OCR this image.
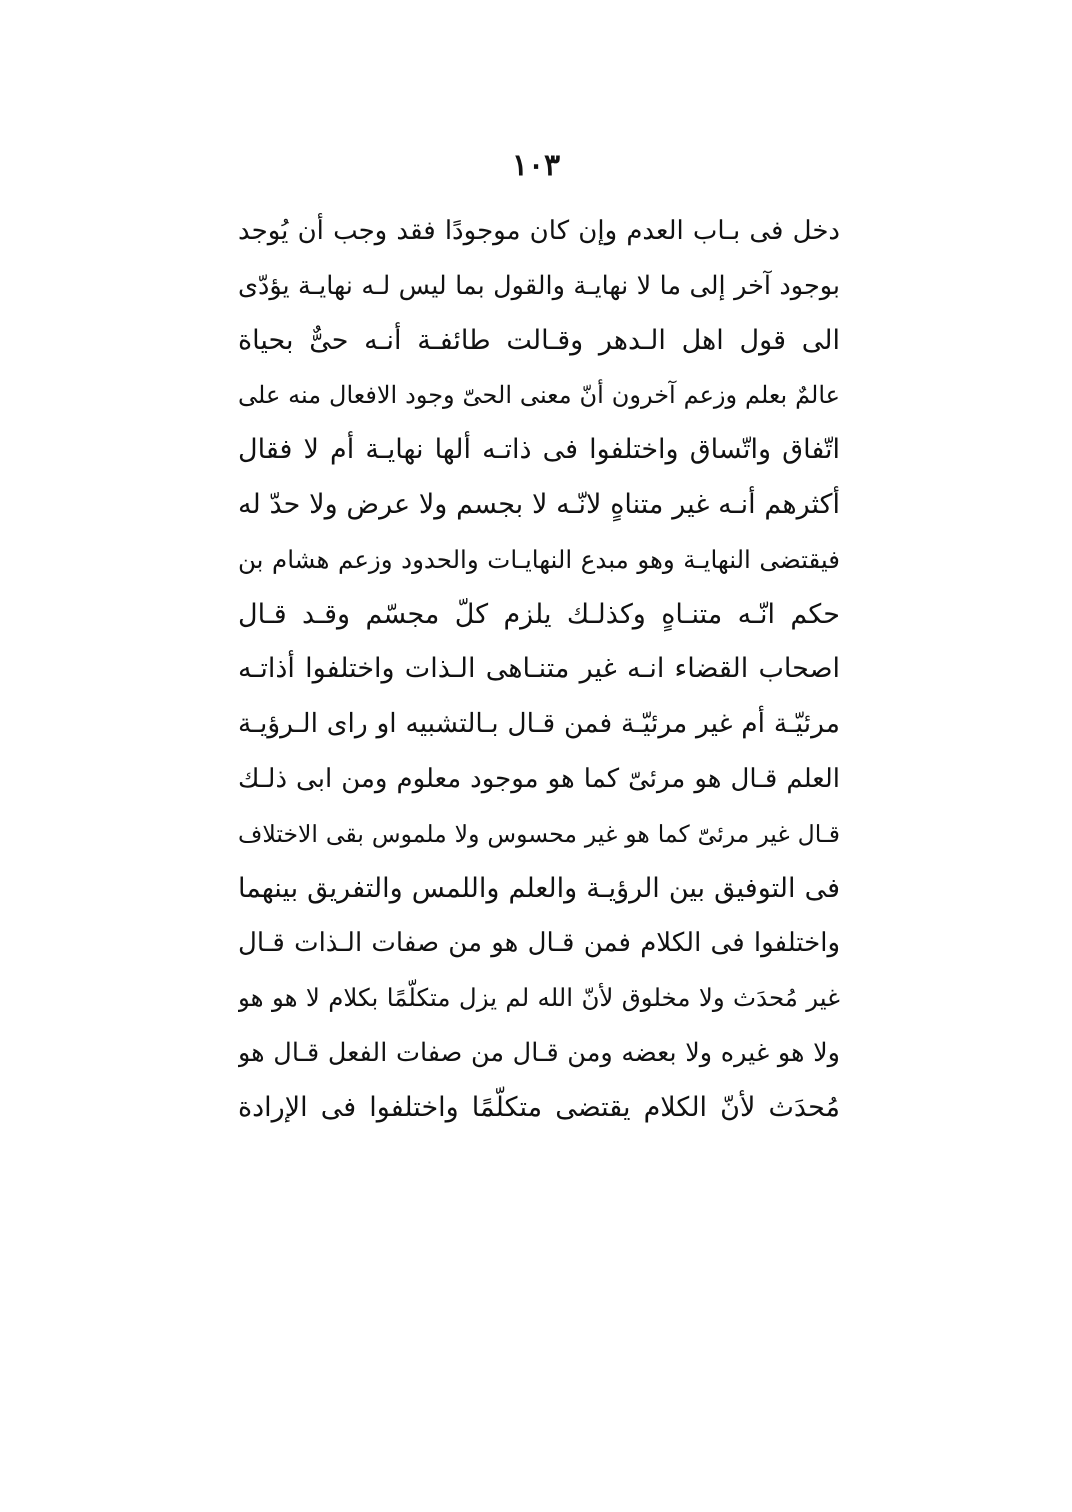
١٠٣
دخل فى بـاب العدم وإن كان موجودًا فقد وجب أن يُوجد
بوجود آخر إلى ما لا نهايـة والقول بما ليس لـه نهايـة يؤدّى
الى قول اهل الـدهر وقـالت طائفـة أنـه حىٌّ بحياة
عالمٌ بعلم وزعم آخرون أنّ معنى الحىّ وجود الافعال منه على
اتّفاق واتّساق واختلفوا فى ذاتـه ألها نهايـة أم لا فقال
أكثرهم أنـه غير متناهٍ لانّـه لا بجسم ولا عرض ولا حدّ له
فيقتضى النهايـة وهو مبدع النهايـات والحدود وزعم هشام بن
حكم انّـه متنـاهٍ وكذلـك يلزم كلّ مجسّم وقـد قـال
اصحاب القضاء انـه غير متنـاهى الـذات واختلفوا أذاتـه
مرئيّـة أم غير مرئيّـة فمن قـال بـالتشبيه او راى الـرؤيـة
العلم قـال هو مرئىّ كما هو موجود معلوم ومن ابى ذلـك
قـال غير مرئىّ كما هو غير محسوس ولا ملموس بقى الاختلاف
فى التوفيق بين الرؤيـة والعلم واللمس والتفريق بينهما
واختلفوا فى الكلام فمن قـال هو من صفات الـذات قـال
غير مُحدَث ولا مخلوق لأنّ الله لم يزل متكلّمًا بكلام لا هو هو
ولا هو غيره ولا بعضه ومن قـال من صفات الفعل قـال هو
مُحدَث لأنّ الكلام يقتضى متكلّمًا واختلفوا فى الإرادة
